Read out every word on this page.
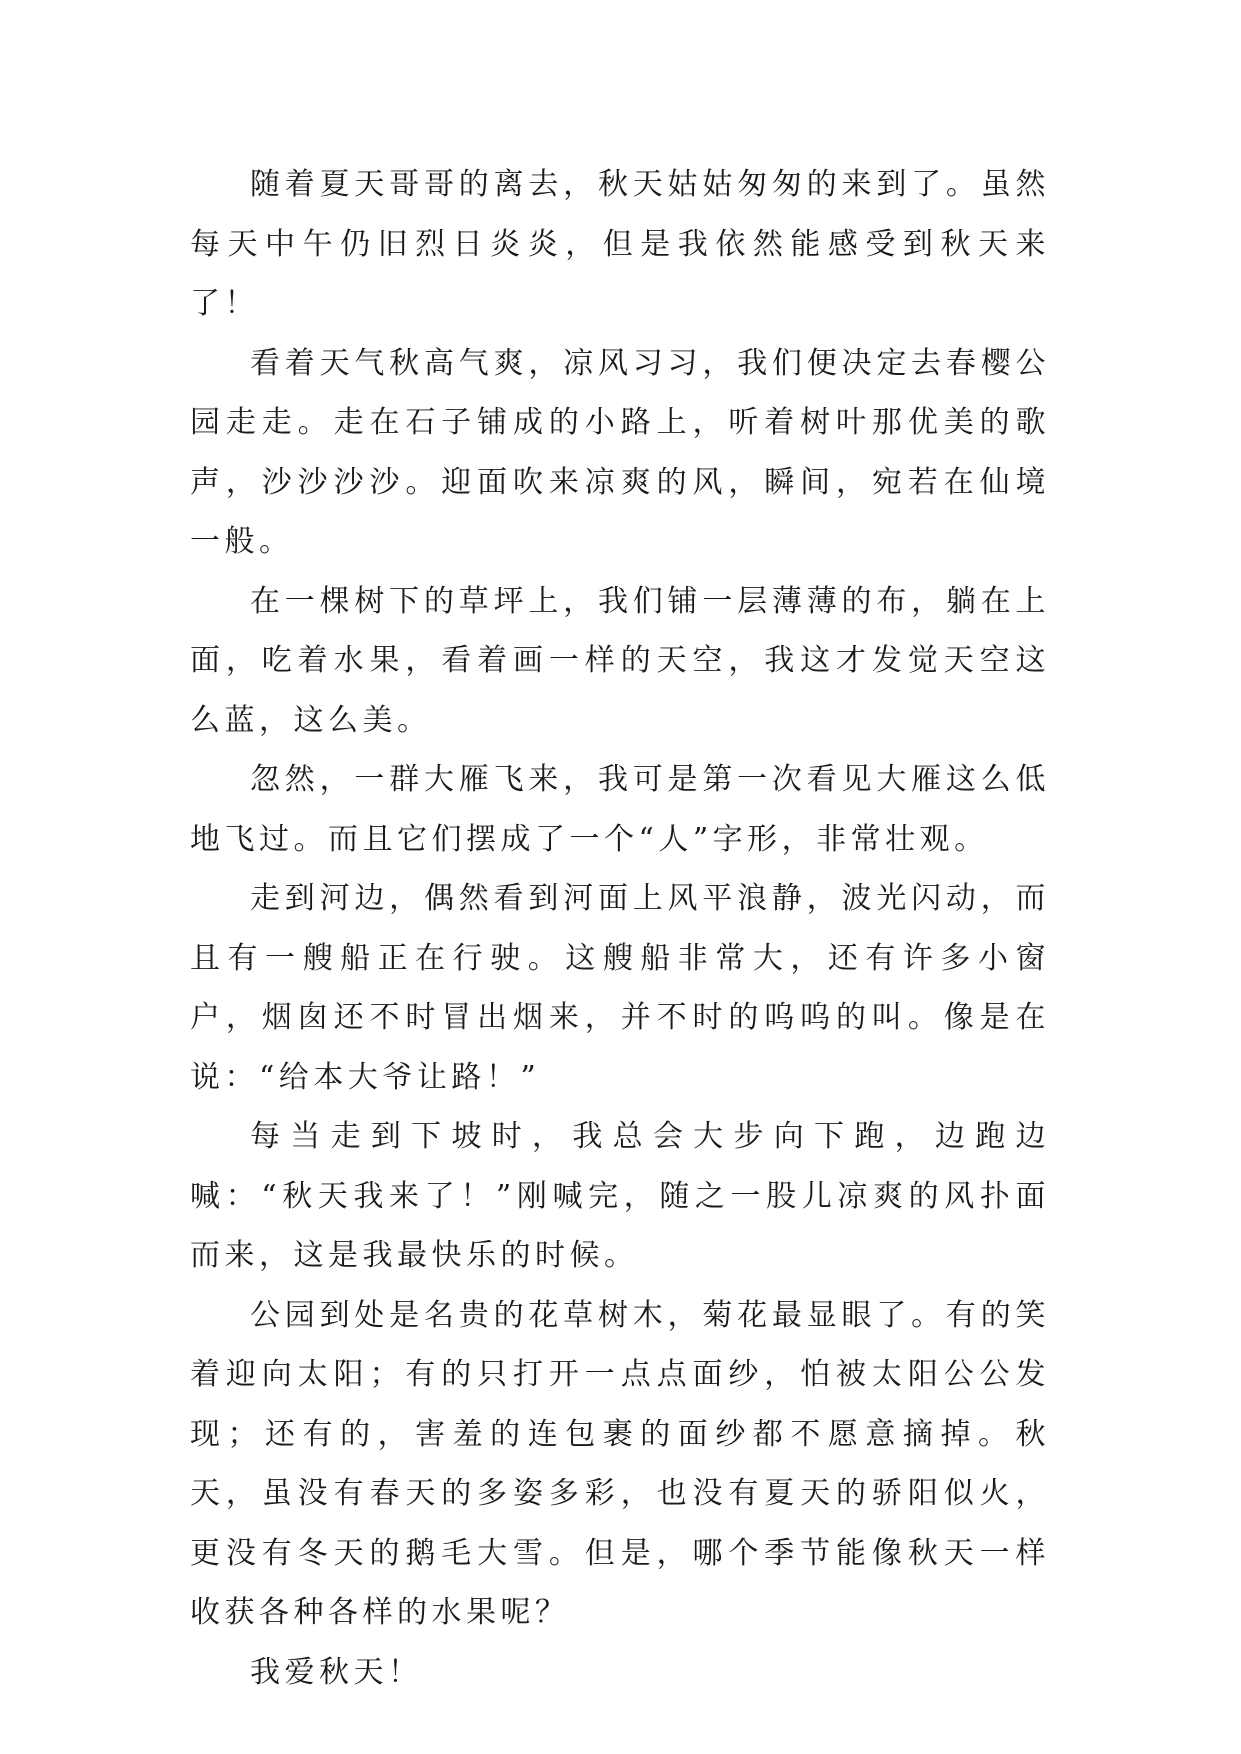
随着夏天哥哥的离去，秋天姑姑匆匆的来到了。虽然每天中午仍旧烈日炎炎，但是我依然能感受到秋天来了！

看着天气秋高气爽，凉风习习，我们便决定去春樱公园走走。走在石子铺成的小路上，听着树叶那优美的歌声，沙沙沙沙。迎面吹来凉爽的风，瞬间，宛若在仙境一般。

在一棵树下的草坪上，我们铺一层薄薄的布，躺在上面，吃着水果，看着画一样的天空，我这才发觉天空这么蓝，这么美。

忽然，一群大雁飞来，我可是第一次看见大雁这么低地飞过。而且它们摆成了一个“人”字形，非常壮观。

走到河边，偶然看到河面上风平浪静，波光闪动，而且有一艘船正在行驶。这艘船非常大，还有许多小窗户，烟囱还不时冒出烟来，并不时的呜呜的叫。像是在说：“给本大爷让路！”

每当走到下坡时，我总会大步向下跑，边跑边喊：“秋天我来了！”刚喊完，随之一股儿凉爽的风扑面而来，这是我最快乐的时候。

公园到处是名贵的花草树木，菊花最显眼了。有的笑着迎向太阳；有的只打开一点点面纱，怕被太阳公公发现；还有的，害羞的连包裹的面纱都不愿意摘掉。秋天，虽没有春天的多姿多彩，也没有夏天的骄阳似火，更没有冬天的鹅毛大雪。但是，哪个季节能像秋天一样收获各种各样的水果呢？

我爱秋天！
